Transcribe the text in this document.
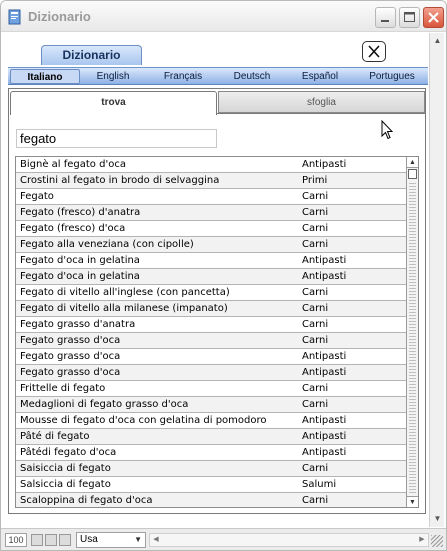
Dizionario
Dizionario
Italiano	English	Français	Deutsch	Español	Portugues
trova	sfoglia
fegato
Bignè al fegato d'oca	Antipasti
Crostini al fegato in brodo di selvaggina	Primi
Fegato	Carni
Fegato (fresco) d'anatra	Carni
Fegato (fresco) d'oca	Carni
Fegato alla veneziana (con cipolle)	Carni
Fegato d'oca in gelatina	Antipasti
Fegato d'oca in gelatina	Antipasti
Fegato di vitello all'inglese (con pancetta)	Carni
Fegato di vitello alla milanese (impanato)	Carni
Fegato grasso d'anatra	Carni
Fegato grasso d'oca	Carni
Fegato grasso d'oca	Antipasti
Fegato grasso d'oca	Antipasti
Frittelle di fegato	Carni
Medaglioni di fegato grasso d'oca	Carni
Mousse di fegato d'oca con gelatina di pomodoro	Antipasti
Pâté di fegato	Antipasti
Pâtédi fegato d'oca	Antipasti
Saisiccia di fegato	Carni
Salsiccia di fegato	Salumi
Scaloppina di fegato d'oca	Carni
▲
▼
▲
▼
100	Usa	▼	◀	▶
